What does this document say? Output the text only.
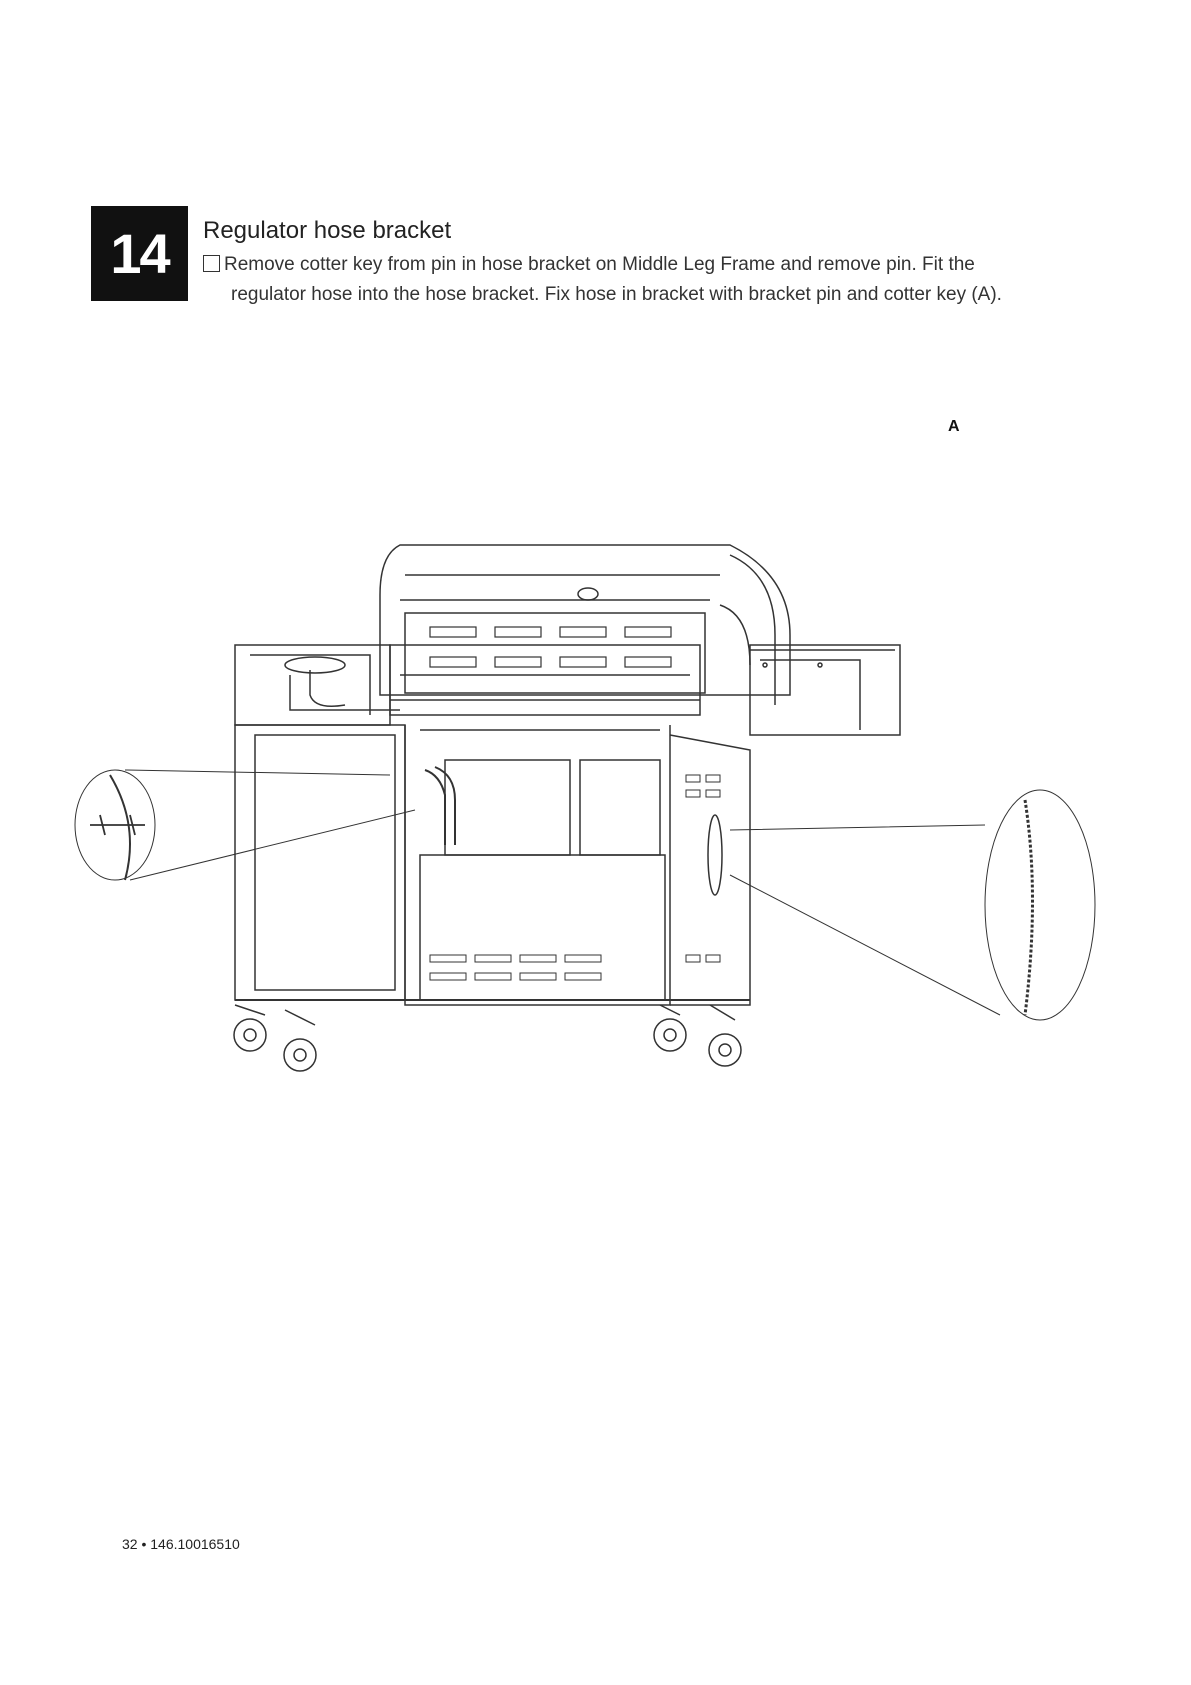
14	Regulator hose bracket
Remove cotter key from pin in hose bracket on Middle Leg Frame and remove pin. Fit the
regulator hose into the hose bracket. Fix hose in bracket with bracket pin and cotter key (A).
A
32 • 146.10016510
